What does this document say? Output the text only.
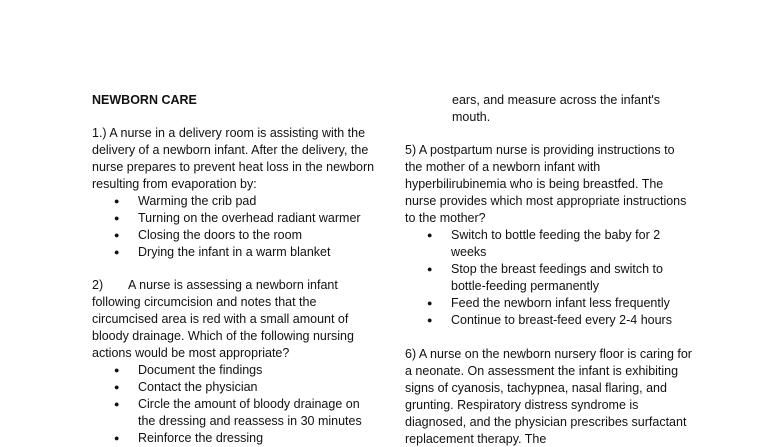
NEWBORN CARE

1.) A nurse in a delivery room is assisting with the delivery of a newborn infant. After the delivery, the nurse prepares to prevent heat loss in the newborn resulting from evaporation by:

● Warming the crib pad
● Turning on the overhead radiant warmer
● Closing the doors to the room
● Drying the infant in a warm blanket

2) A nurse is assessing a newborn infant following circumcision and notes that the circumcised area is red with a small amount of bloody drainage. Which of the following nursing actions would be most appropriate?

● Document the findings
● Contact the physician
● Circle the amount of bloody drainage on the dressing and reassess in 30 minutes
● Reinforce the dressing

ears, and measure across the infant's mouth.

5) A postpartum nurse is providing instructions to the mother of a newborn infant with hyperbilirubinemia who is being breastfed. The nurse provides which most appropriate instructions to the mother?

● Switch to bottle feeding the baby for 2 weeks
● Stop the breast feedings and switch to bottle-feeding permanently
● Feed the newborn infant less frequently
● Continue to breast-feed every 2-4 hours

6) A nurse on the newborn nursery floor is caring for a neonate. On assessment the infant is exhibiting signs of cyanosis, tachypnea, nasal flaring, and grunting. Respiratory distress syndrome is diagnosed, and the physician prescribes surfactant replacement therapy. The
